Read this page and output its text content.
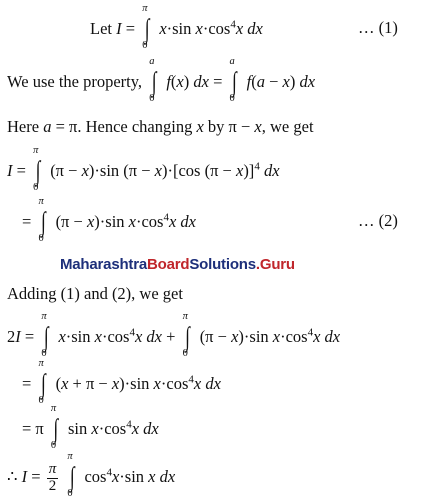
Let I =
π
∫
0
x·sin $x\cdot\cos^4x$ dx	… (1)
We use the property,
a
∫
0
f(x) dx =
a
∫
0
f(a − x) dx
Here a = π. Hence changing x by π − x, we get
I =
π
∫
0
(π − x)·sin (π − x)·[cos (π − x)]$^4$ dx
=
π
∫
0
(π − x)·sin $x\cdot\cos^4x$ dx	… (2)
MaharashtraBoardSolutions.Guru
Adding (1) and (2), we get
2I =
π
∫
0
x·sin $x\cdot\cos^4x$ dx +
π
∫
0
(π − x)·sin $x\cdot\cos^4x$ dx
=
π
∫
0
(x + π − x)·sin $x\cdot\cos^4x$ dx
= π
π
∫
0
$\sin x\cdot\cos^4x$ dx
∴ $I = \frac{\pi}{2}$

π
∫
0
$\cos^4x\cdot\sin$ x dx
